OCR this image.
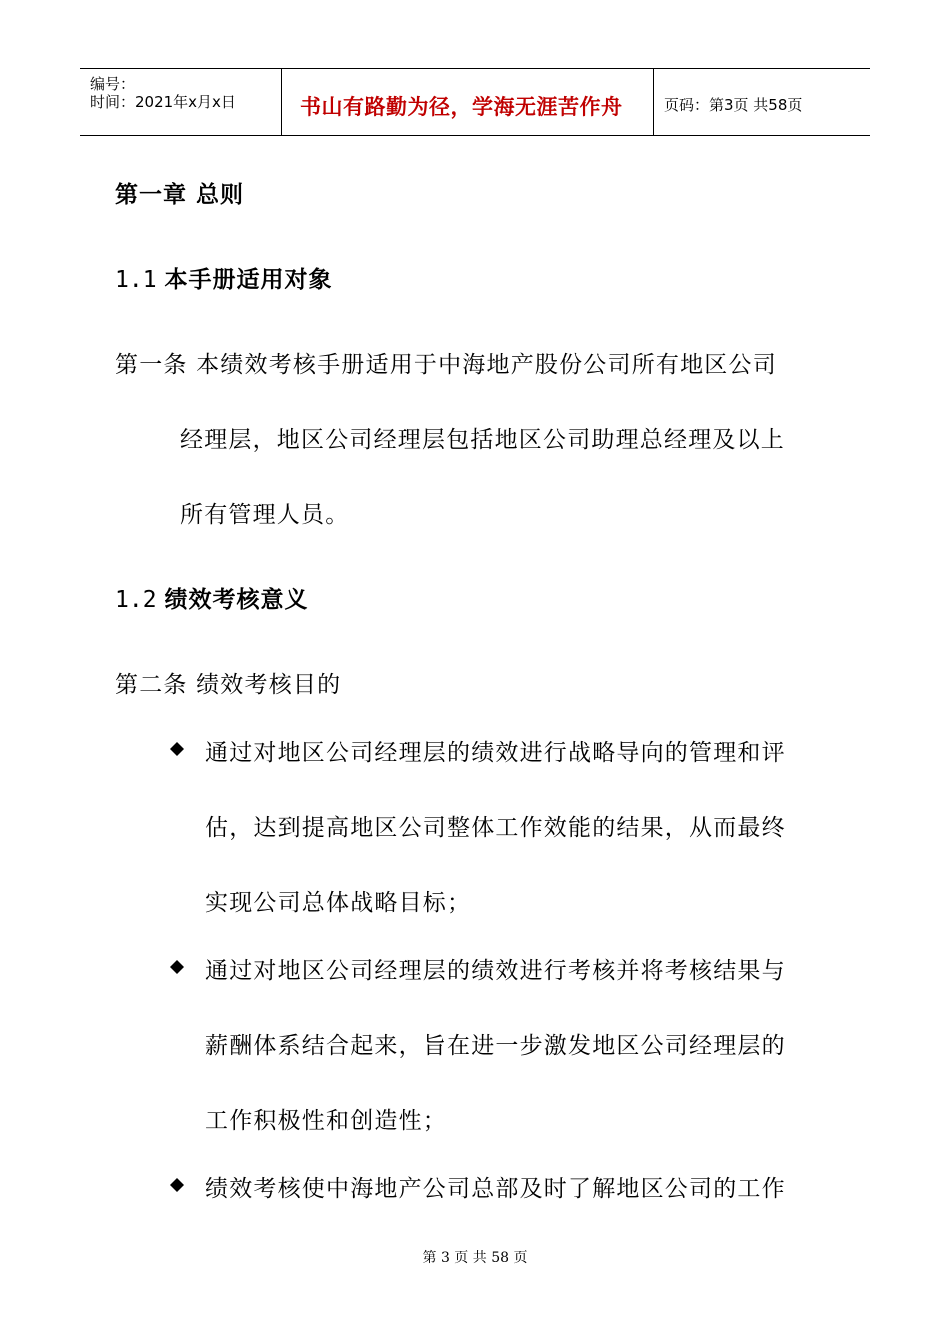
编号：
时间：2021年x月x日	书山有路勤为径，学海无涯苦作舟	页码：第3页 共58页
第一章 总则
1.1 本手册适用对象
第一条 本绩效考核手册适用于中海地产股份公司所有地区公司
经理层，地区公司经理层包括地区公司助理总经理及以上
所有管理人员。
1.2 绩效考核意义
第二条 绩效考核目的
通过对地区公司经理层的绩效进行战略导向的管理和评
估，达到提高地区公司整体工作效能的结果，从而最终
实现公司总体战略目标；
通过对地区公司经理层的绩效进行考核并将考核结果与
薪酬体系结合起来，旨在进一步激发地区公司经理层的
工作积极性和创造性；
绩效考核使中海地产公司总部及时了解地区公司的工作
第 3 页 共 58 页
